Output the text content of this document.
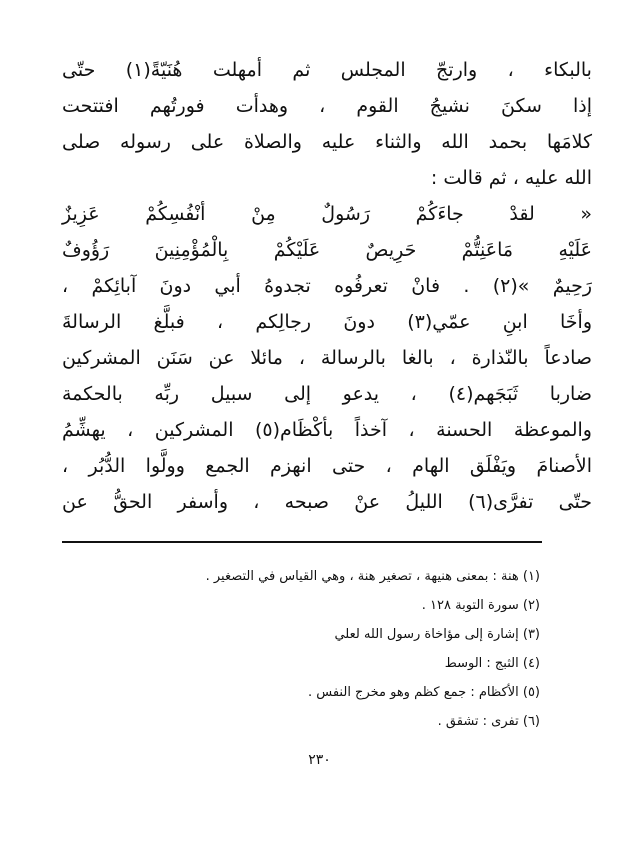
بالبكاء ، وارتجّ المجلس ثم أمهلت هُنَيّةً(١) حتّى
إذا سكنَ نشيجُ القوم ، وهدأت فورتُهم افتتحت
كلامَها بحمد الله والثناء عليه والصلاة على رسوله صلى
الله عليه ، ثم قالت :
« لقدْ جاءَكُمْ رَسُولٌ مِنْ أنْفُسِكُمْ عَزِيزٌ
عَلَيْهِ مَاعَنِتُّمْ حَرِيصٌ عَلَيْكُمْ بِالْمُؤْمِنِينَ رَؤُوفٌ
رَحِيمٌ »(٢) . فانْ تعرفُوه تجدوهُ أبي دونَ آبائِكمْ ،
وأخَا ابنِ عمّي(٣) دونَ رجالِكم ، فبلَّغ الرسالةَ
صادعاً بالنّذارة ، بالغا بالرسالة ، مائلا عن سَنَن المشركين
ضاربا ثَبَجَهم(٤) ، يدعو إلى سبيل ربِّه بالحكمة
والموعظة الحسنة ، آخذاً بأكْظَام(٥) المشركين ، يهشِّمُ
الأصنامَ ويَفْلَق الهام ، حتى انهزم الجمع وولَّوا الدُّبُر ،
حتّى تفرَّى(٦) الليلُ عنْ صبحه ، وأسفر الحقُّ عن
(١) هنة : بمعنى هنيهة ، تصغير هنة ، وهي القياس في التصغير .
(٢) سورة التوبة ١٢٨ .
(٣) إشارة إلى مؤاخاة رسول الله لعلي
(٤) الثبج : الوسط
(٥) الأكظام : جمع كظم وهو مخرج النفس .
(٦) تفرى : تشقق .
٢٣٠
